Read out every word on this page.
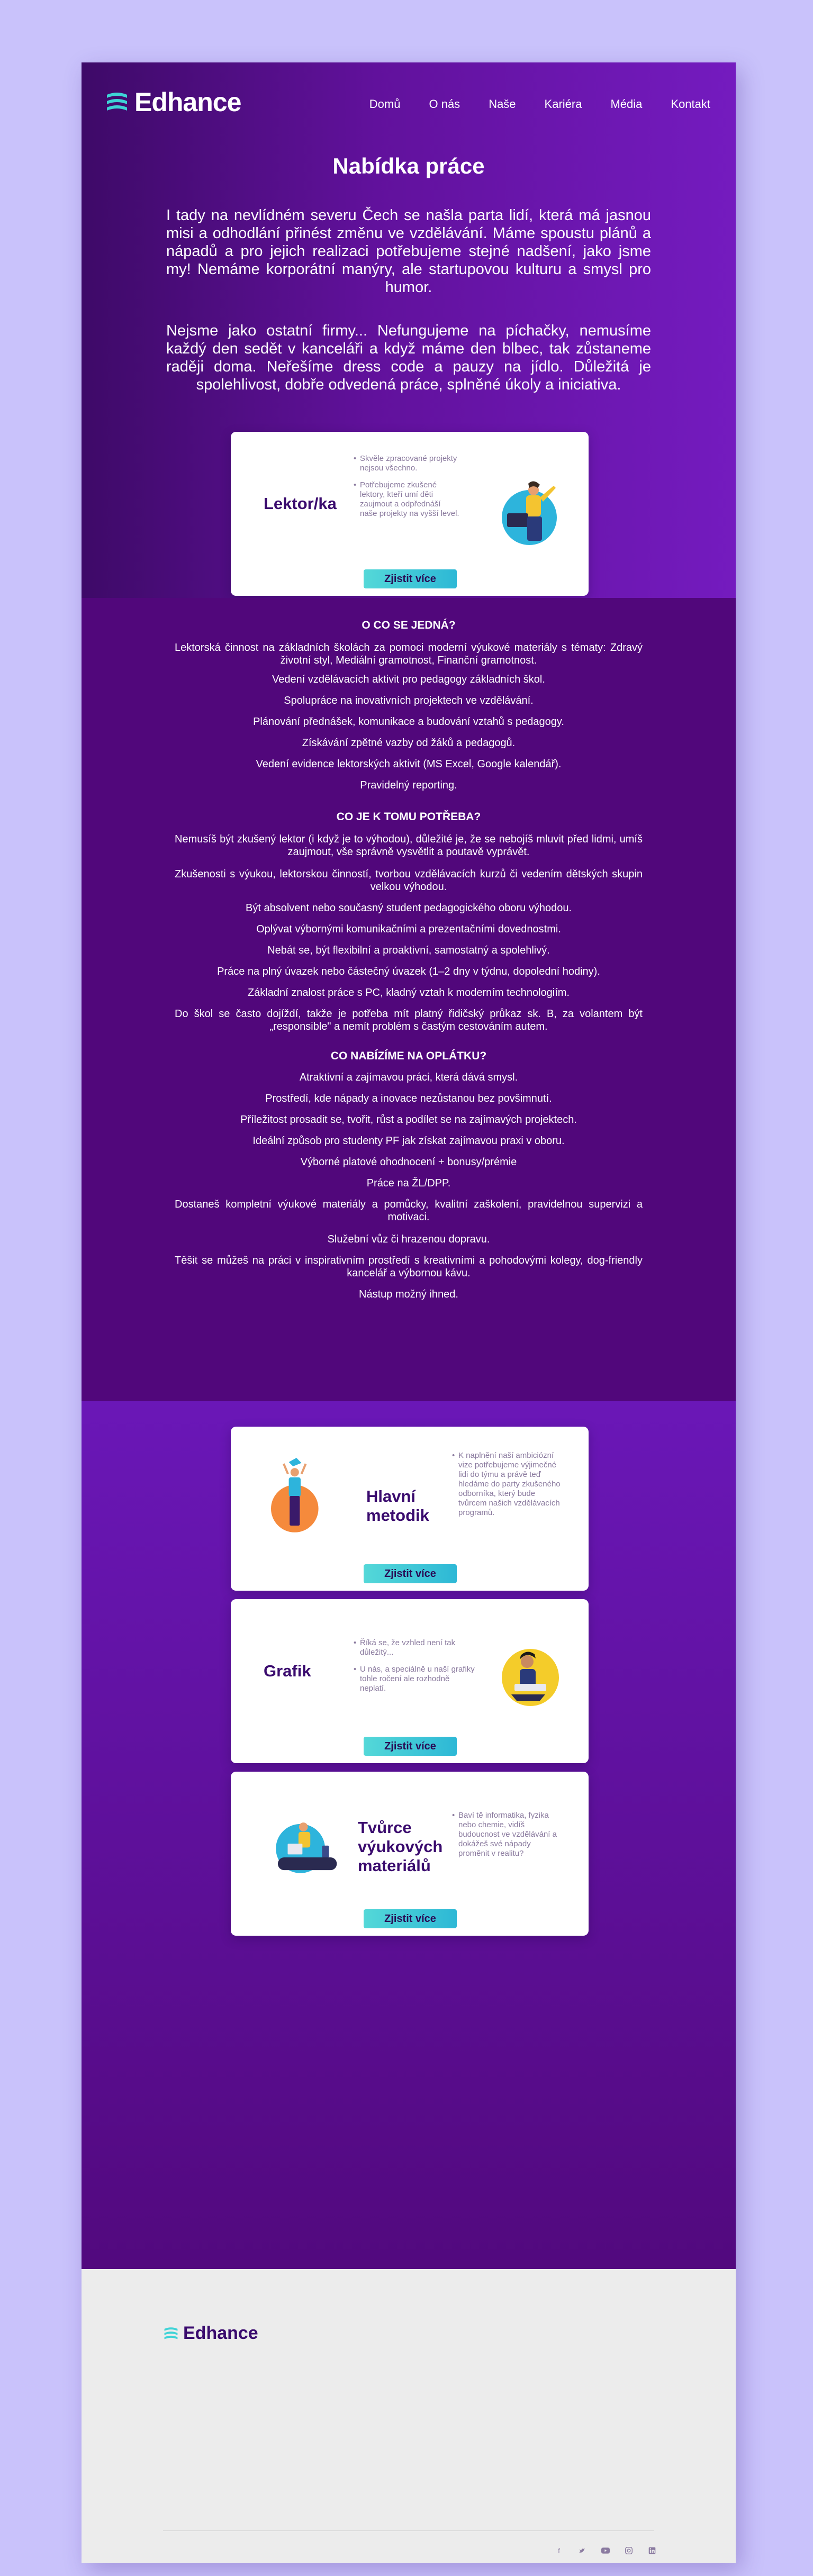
Edhance	Domů O nás Naše Kariéra Média Kontakt
Nabídka práce

I tady na nevlídném severu Čech se našla parta lidí, která má jasnou misi a odhodlání přinést změnu ve vzdělávání. Máme spoustu plánů a nápadů a pro jejich realizaci potřebujeme stejné nadšení, jako jsme my! Nemáme korporátní manýry, ale startupovou kulturu a smysl pro humor.

Nejsme jako ostatní firmy... Nefungujeme na píchačky, nemusíme každý den sedět v kanceláři a když máme den blbec, tak zůstaneme raději doma. Neřešíme dress code a pauzy na jídlo. Důležitá je spolehlivost, dobře odvedená práce, splněné úkoly a iniciativa.

Lektor/ka
• Skvěle zpracované projekty nejsou všechno.
• Potřebujeme zkušené lektory, kteří umí děti zaujmout a odpřednáší naše projekty na vyšší level.
Zjistit více
O CO SE JEDNÁ?

Lektorská činnost na základních školách za pomoci moderní výukové materiály s tématy: Zdravý životní styl, Mediální gramotnost, Finanční gramotnost.

Vedení vzdělávacích aktivit pro pedagogy základních škol.

Spolupráce na inovativních projektech ve vzdělávání.

Plánování přednášek, komunikace a budování vztahů s pedagogy.

Získávání zpětné vazby od žáků a pedagogů.

Vedení evidence lektorských aktivit (MS Excel, Google kalendář).

Pravidelný reporting.

CO JE K TOMU POTŘEBA?

Nemusíš být zkušený lektor (i když je to výhodou), důležité je, že se nebojíš mluvit před lidmi, umíš zaujmout, vše správně vysvětlit a poutavě vyprávět.

Zkušenosti s výukou, lektorskou činností, tvorbou vzdělávacích kurzů či vedením dětských skupin velkou výhodou.

Být absolvent nebo současný student pedagogického oboru výhodou.

Oplývat výbornými komunikačními a prezentačními dovednostmi.

Nebát se, být flexibilní a proaktivní, samostatný a spolehlivý.

Práce na plný úvazek nebo částečný úvazek (1–2 dny v týdnu, dopolední hodiny).

Základní znalost práce s PC, kladný vztah k moderním technologiím.

Do škol se často dojíždí, takže je potřeba mít platný řidičský průkaz sk. B, za volantem být „responsible" a nemít problém s častým cestováním autem.

CO NABÍZÍME NA OPLÁTKU?

Atraktivní a zajímavou práci, která dává smysl.

Prostředí, kde nápady a inovace nezůstanou bez povšimnutí.

Příležitost prosadit se, tvořit, růst a podílet se na zajímavých projektech.

Ideální způsob pro studenty PF jak získat zajímavou praxi v oboru.

Výborné platové ohodnocení + bonusy/prémie

Práce na ŽL/DPP.

Dostaneš kompletní výukové materiály a pomůcky, kvalitní zaškolení, pravidelnou supervizi a motivaci.

Služební vůz či hrazenou dopravu.

Těšit se můžeš na práci v inspirativním prostředí s kreativními a pohodovými kolegy, dog-friendly kancelář a výbornou kávu.

Nástup možný ihned.

Hlavní metodik
• K naplnění naší ambiciózní vize potřebujeme výjimečné lidi do týmu a právě teď hledáme do party zkušeného odborníka, který bude tvůrcem našich vzdělávacích programů.
Zjistit více
Grafik
• Říká se, že vzhled není tak důležitý...
• U nás, a speciálně u naší grafiky tohle ročení ale rozhodně neplatí.
Zjistit více
Tvůrce výukových materiálů
• Baví tě informatika, fyzika nebo chemie, vidíš budoucnost ve vzdělávání a dokážeš své nápady proměnit v realitu?
Zjistit více
Edhance
f
